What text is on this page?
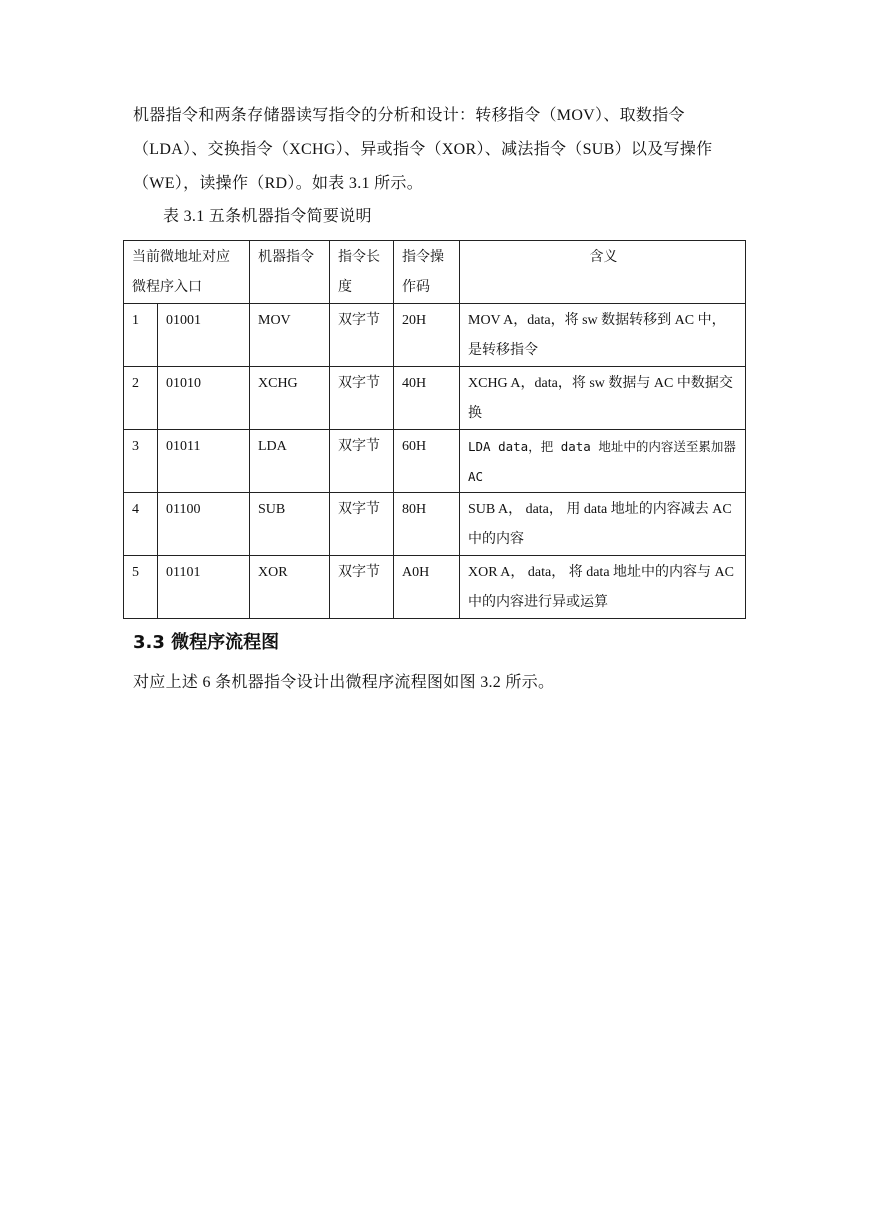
机器指令和两条存储器读写指令的分析和设计：转移指令（MOV）、取数指令（LDA）、交换指令（XCHG）、异或指令（XOR）、减法指令（SUB）以及写操作（WE），读操作（RD）。如表 3.1 所示。
表 3.1 五条机器指令简要说明
当前微地址对应微程序入口		机器指令	指令长度	指令操作码	含义
1	01001	MOV	双字节	20H	MOV A，data，将 sw 数据转移到 AC 中，是转移指令
2	01010	XCHG	双字节	40H	XCHG A，data，将 sw 数据与 AC 中数据交换
3	01011	LDA	双字节	60H	LDA data，把 data 地址中的内容送至累加器 AC
4	01100	SUB	双字节	80H	SUB A， data， 用 data 地址的内容减去 AC 中的内容
5	01101	XOR	双字节	A0H	XOR A， data， 将 data 地址中的内容与 AC 中的内容进行异或运算
3.3 微程序流程图
对应上述 6 条机器指令设计出微程序流程图如图 3.2 所示。
